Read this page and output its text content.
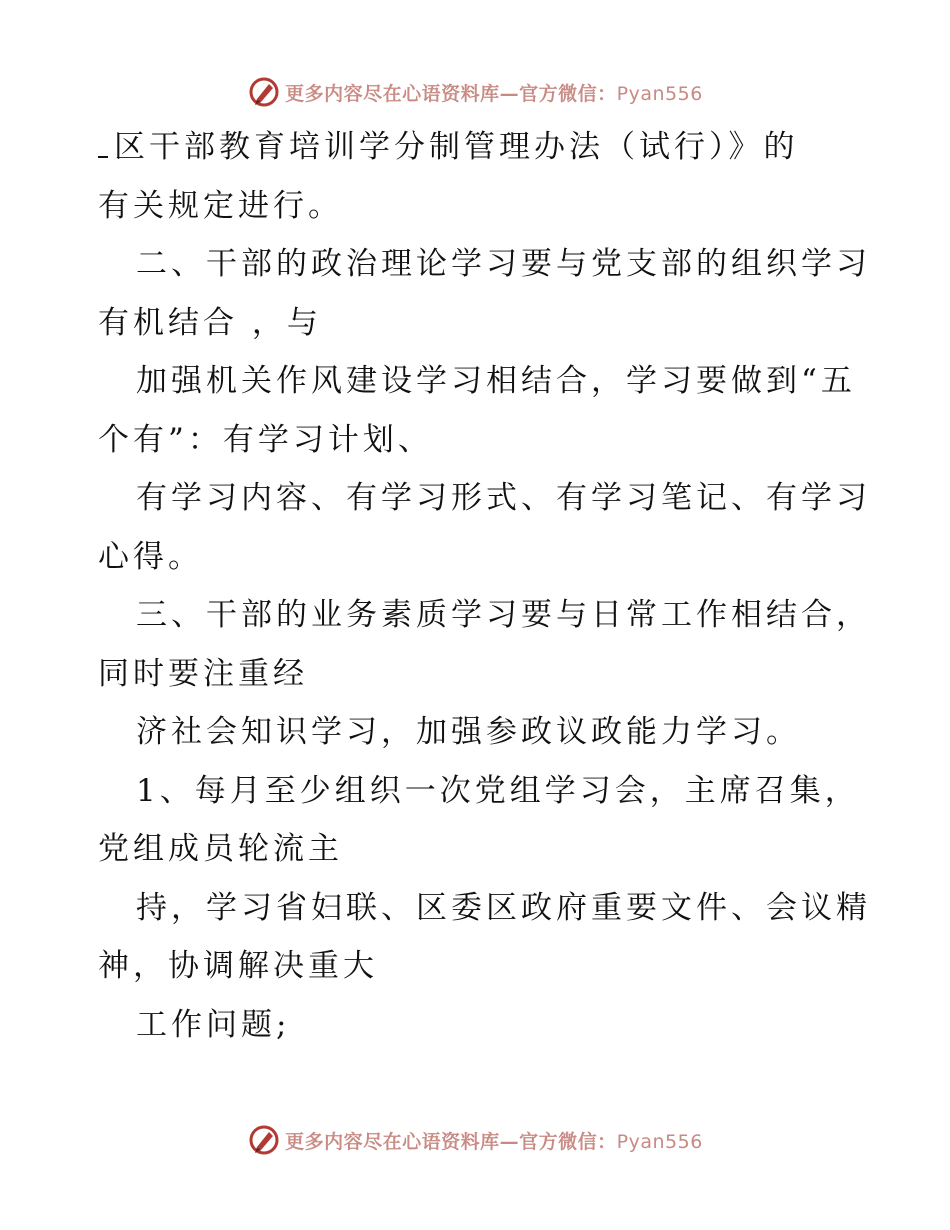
更多内容尽在心语资料库—官方微信：Pyan556
区干部教育培训学分制管理办法（试行）》的
有关规定进行。
二、干部的政治理论学习要与党支部的组织学习
有机结合 ，与
加强机关作风建设学习相结合，学习要做到“五
个有”：有学习计划、
有学习内容、有学习形式、有学习笔记、有学习
心得。
三、干部的业务素质学习要与日常工作相结合，
同时要注重经
济社会知识学习，加强参政议政能力学习。
1、每月至少组织一次党组学习会，主席召集，
党组成员轮流主
持，学习省妇联、区委区政府重要文件、会议精
神，协调解决重大
工作问题;
更多内容尽在心语资料库—官方微信：Pyan556
